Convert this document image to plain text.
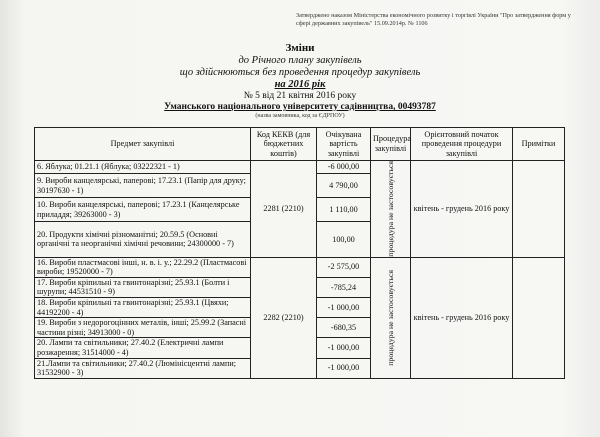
Затверджено наказом Міністерства економічного розвитку і торгівлі України "Про затвердження форм у сфері державних закупівель" 15.09.2014р. № 1106
Зміни
до Річного плану закупівель
що здійснюються без проведення процедур закупівель
на 2016 рік
№ 5 від 21 квітня 2016 року
Уманського національного університету садівництва, 00493787
(назва замовника, код за ЄДРПОУ)
Предмет закупівлі	Код КЕКВ (для бюджетних коштів)	Очікувана вартість закупівлі	Процедура закупівлі	Орієнтовний початок проведення процедури закупівлі	Примітки
6. Яблука; 01.21.1 (Яблука; 03222321 - 1)	2281 (2210)	-6 000,00	процедура не застосовується	квітень - грудень 2016 року	
9. Вироби канцелярські, паперові; 17.23.1 (Папір для друку; 30197630 - 1)	4 790,00
10. Вироби канцелярські, паперові; 17.23.1 (Канцелярське приладдя; 39263000 - 3)	1 110,00
20. Продукти хімічні різноманітні; 20.59.5 (Основні органічні та неорганічні хімічні речовини; 24300000 - 7)	100,00
16. Вироби пластмасові інші, н. в. і. у.; 22.29.2 (Пластмасові вироби; 19520000 - 7)	2282 (2210)	-2 575,00	
процедура не застосовується	квітень - грудень 2016 року	
17. Вироби кріпильні та гвинтонарізні; 25.93.1 (Болти і шурупи; 44531510 - 9)	-785,24
18. Вироби кріпильні та гвинтонарізні; 25.93.1 (Цвяхи; 44192200 - 4)	-1 000,00
19. Вироби з недорогоцінних металів, інші; 25.99.2 (Запасні частини різні; 34913000 - 0)	-680,35
20. Лампи та світильники; 27.40.2 (Електричні лампи розжарення; 31514000 - 4)	-1 000,00
21.Лампи та світильники; 27.40.2 (Люмінісцентні лампи; 31532900 - 3)	-1 000,00
